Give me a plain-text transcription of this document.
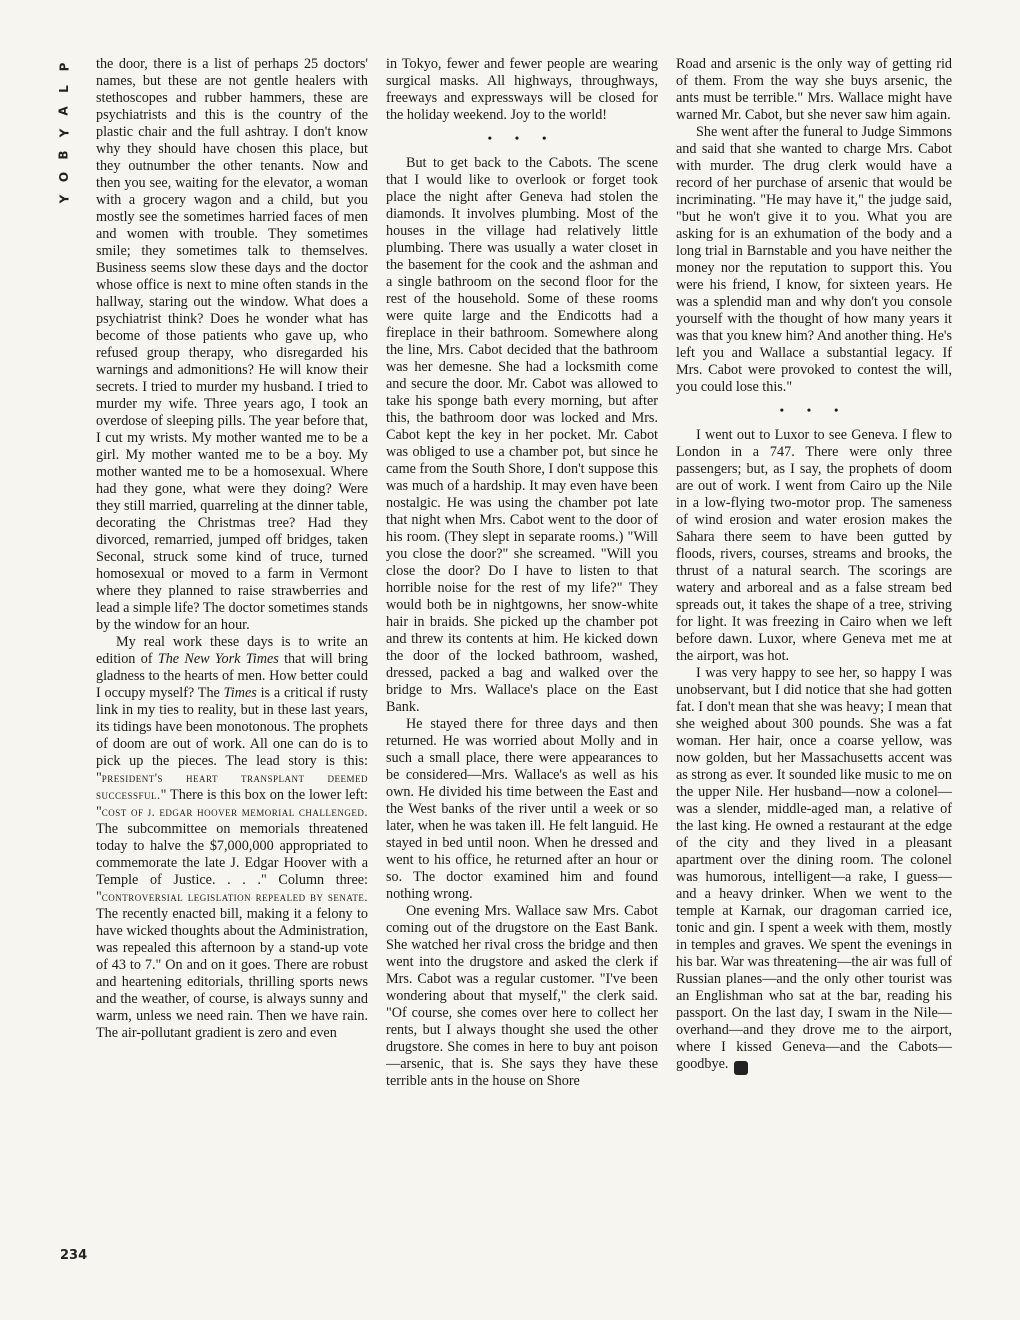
P
L
A
Y
B
O
Y

the door, there is a list of perhaps 25 doctors' names, but these are not gentle healers with stethoscopes and rubber hammers, these are psychiatrists and this is the country of the plastic chair and the full ashtray. I don't know why they should have chosen this place, but they outnumber the other tenants. Now and then you see, waiting for the elevator, a woman with a grocery wagon and a child, but you mostly see the sometimes harried faces of men and women with trouble. They sometimes smile; they sometimes talk to themselves. Business seems slow these days and the doctor whose office is next to mine often stands in the hallway, staring out the window. What does a psychiatrist think? Does he wonder what has become of those patients who gave up, who refused group therapy, who disregarded his warnings and admonitions? He will know their secrets. I tried to murder my husband. I tried to murder my wife. Three years ago, I took an overdose of sleeping pills. The year before that, I cut my wrists. My mother wanted me to be a girl. My mother wanted me to be a boy. My mother wanted me to be a homosexual. Where had they gone, what were they doing? Were they still married, quarreling at the dinner table, decorating the Christmas tree? Had they divorced, remarried, jumped off bridges, taken Seconal, struck some kind of truce, turned homosexual or moved to a farm in Vermont where they planned to raise strawberries and lead a simple life? The doctor sometimes stands by the window for an hour.

My real work these days is to write an edition of The New York Times that will bring gladness to the hearts of men. How better could I occupy myself? The Times is a critical if rusty link in my ties to reality, but in these last years, its tidings have been monotonous. The prophets of doom are out of work. All one can do is to pick up the pieces. The lead story is this: "president's heart transplant deemed successful." There is this box on the lower left: "cost of j. edgar hoover memorial challenged. The subcommittee on memorials threatened today to halve the $7,000,000 appropriated to commemorate the late J. Edgar Hoover with a Temple of Justice. . . ." Column three: "controversial legislation repealed by senate. The recently enacted bill, making it a felony to have wicked thoughts about the Administration, was repealed this afternoon by a stand-up vote of 43 to 7." On and on it goes. There are robust and heartening editorials, thrilling sports news and the weather, of course, is always sunny and warm, unless we need rain. Then we have rain. The air-pollutant gradient is zero and even

in Tokyo, fewer and fewer people are wearing surgical masks. All highways, throughways, freeways and expressways will be closed for the holiday weekend. Joy to the world!

• • •

But to get back to the Cabots. The scene that I would like to overlook or forget took place the night after Geneva had stolen the diamonds. It involves plumbing. Most of the houses in the village had relatively little plumbing. There was usually a water closet in the basement for the cook and the ashman and a single bathroom on the second floor for the rest of the household. Some of these rooms were quite large and the Endicotts had a fireplace in their bathroom. Somewhere along the line, Mrs. Cabot decided that the bathroom was her demesne. She had a locksmith come and secure the door. Mr. Cabot was allowed to take his sponge bath every morning, but after this, the bathroom door was locked and Mrs. Cabot kept the key in her pocket. Mr. Cabot was obliged to use a chamber pot, but since he came from the South Shore, I don't suppose this was much of a hardship. It may even have been nostalgic. He was using the chamber pot late that night when Mrs. Cabot went to the door of his room. (They slept in separate rooms.) "Will you close the door?" she screamed. "Will you close the door? Do I have to listen to that horrible noise for the rest of my life?" They would both be in nightgowns, her snow-white hair in braids. She picked up the chamber pot and threw its contents at him. He kicked down the door of the locked bathroom, washed, dressed, packed a bag and walked over the bridge to Mrs. Wallace's place on the East Bank.

He stayed there for three days and then returned. He was worried about Molly and in such a small place, there were appearances to be considered—Mrs. Wallace's as well as his own. He divided his time between the East and the West banks of the river until a week or so later, when he was taken ill. He felt languid. He stayed in bed until noon. When he dressed and went to his office, he returned after an hour or so. The doctor examined him and found nothing wrong.

One evening Mrs. Wallace saw Mrs. Cabot coming out of the drugstore on the East Bank. She watched her rival cross the bridge and then went into the drugstore and asked the clerk if Mrs. Cabot was a regular customer. "I've been wondering about that myself," the clerk said. "Of course, she comes over here to collect her rents, but I always thought she used the other drugstore. She comes in here to buy ant poison—arsenic, that is. She says they have these terrible ants in the house on Shore

Road and arsenic is the only way of getting rid of them. From the way she buys arsenic, the ants must be terrible." Mrs. Wallace might have warned Mr. Cabot, but she never saw him again.

She went after the funeral to Judge Simmons and said that she wanted to charge Mrs. Cabot with murder. The drug clerk would have a record of her purchase of arsenic that would be incriminating. "He may have it," the judge said, "but he won't give it to you. What you are asking for is an exhumation of the body and a long trial in Barnstable and you have neither the money nor the reputation to support this. You were his friend, I know, for sixteen years. He was a splendid man and why don't you console yourself with the thought of how many years it was that you knew him? And another thing. He's left you and Wallace a substantial legacy. If Mrs. Cabot were provoked to contest the will, you could lose this."

• • •

I went out to Luxor to see Geneva. I flew to London in a 747. There were only three passengers; but, as I say, the prophets of doom are out of work. I went from Cairo up the Nile in a low-flying two-motor prop. The sameness of wind erosion and water erosion makes the Sahara there seem to have been gutted by floods, rivers, courses, streams and brooks, the thrust of a natural search. The scorings are watery and arboreal and as a false stream bed spreads out, it takes the shape of a tree, striving for light. It was freezing in Cairo when we left before dawn. Luxor, where Geneva met me at the airport, was hot.

I was very happy to see her, so happy I was unobservant, but I did notice that she had gotten fat. I don't mean that she was heavy; I mean that she weighed about 300 pounds. She was a fat woman. Her hair, once a coarse yellow, was now golden, but her Massachusetts accent was as strong as ever. It sounded like music to me on the upper Nile. Her husband—now a colonel—was a slender, middle-aged man, a relative of the last king. He owned a restaurant at the edge of the city and they lived in a pleasant apartment over the dining room. The colonel was humorous, intelligent—a rake, I guess—and a heavy drinker. When we went to the temple at Karnak, our dragoman carried ice, tonic and gin. I spent a week with them, mostly in temples and graves. We spent the evenings in his bar. War was threatening—the air was full of Russian planes—and the only other tourist was an Englishman who sat at the bar, reading his passport. On the last day, I swam in the Nile—overhand—and they drove me to the airport, where I kissed Geneva—and the Cabots—goodbye.	♣

234
